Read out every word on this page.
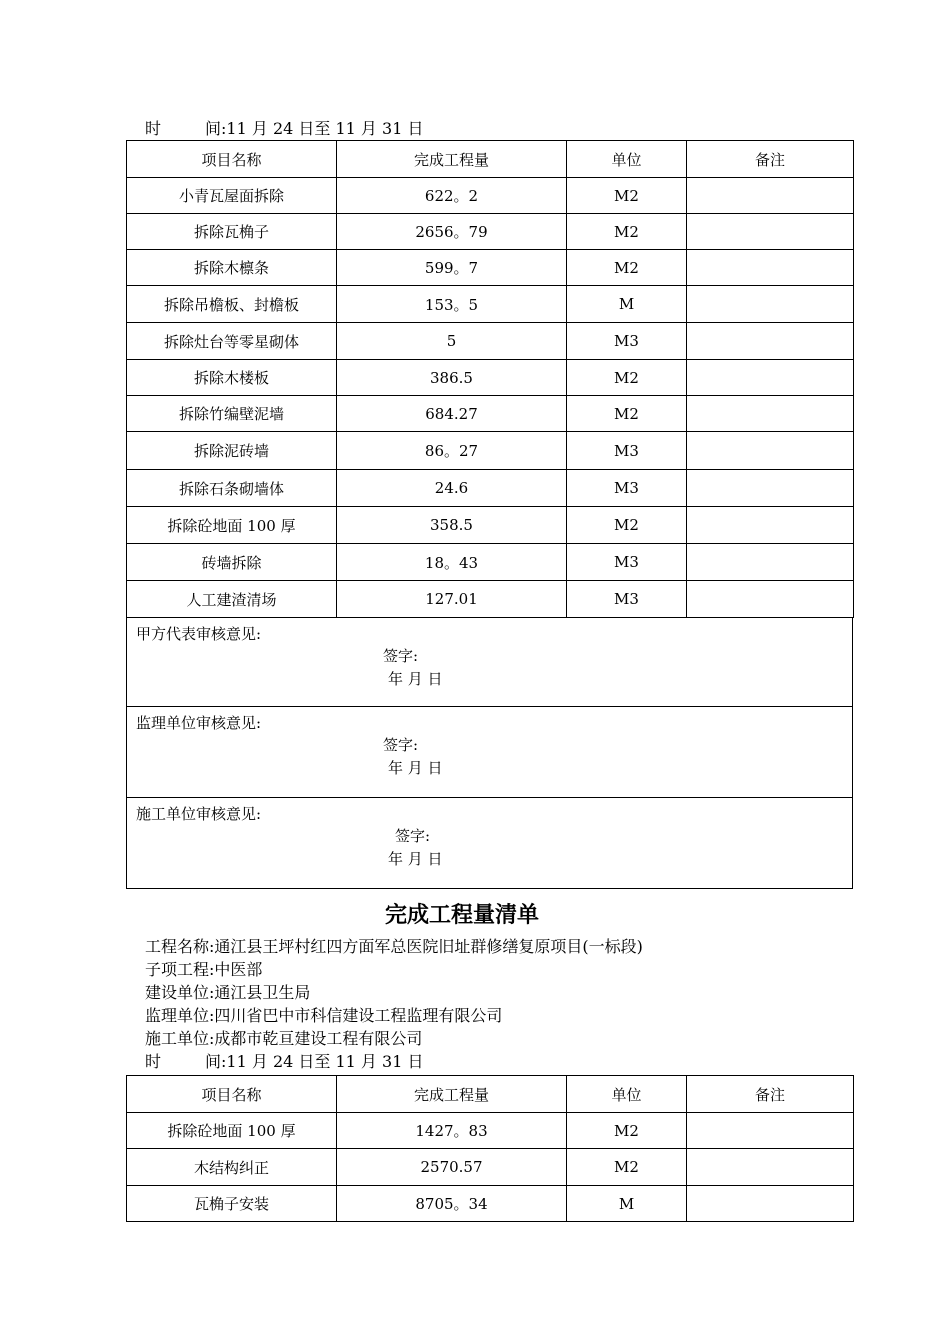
时	间:11 月 24 日至 11 月 31 日
项目名称	完成工程量	单位	备注
小青瓦屋面拆除	622。2	M2	
拆除瓦桷子	2656。79	M2	
拆除木檩条	599。7	M2	
拆除吊檐板、封檐板	153。5	M	
拆除灶台等零星砌体	5	M3	
拆除木楼板	386.5	M2	
拆除竹编壁泥墙	684.27	M2	
拆除泥砖墙	86。27	M3	
拆除石条砌墙体	24.6	M3	
拆除砼地面 100 厚	358.5	M2	
砖墙拆除	18。43	M3	
人工建渣清场	127.01	M3	
甲方代表审核意见:
签字:
年 月 日
监理单位审核意见:
签字:
年 月 日
施工单位审核意见:
签字:
年 月 日
完成工程量清单
工程名称:通江县王坪村红四方面军总医院旧址群修缮复原项目(一标段)
子项工程:中医部
建设单位:通江县卫生局
监理单位:四川省巴中市科信建设工程监理有限公司
施工单位:成都市乾亘建设工程有限公司
时	间:11 月 24 日至 11 月 31 日
项目名称	完成工程量	单位	备注
拆除砼地面 100 厚	1427。83	M2	
木结构纠正	2570.57	M2	
瓦桷子安装	8705。34	M	
